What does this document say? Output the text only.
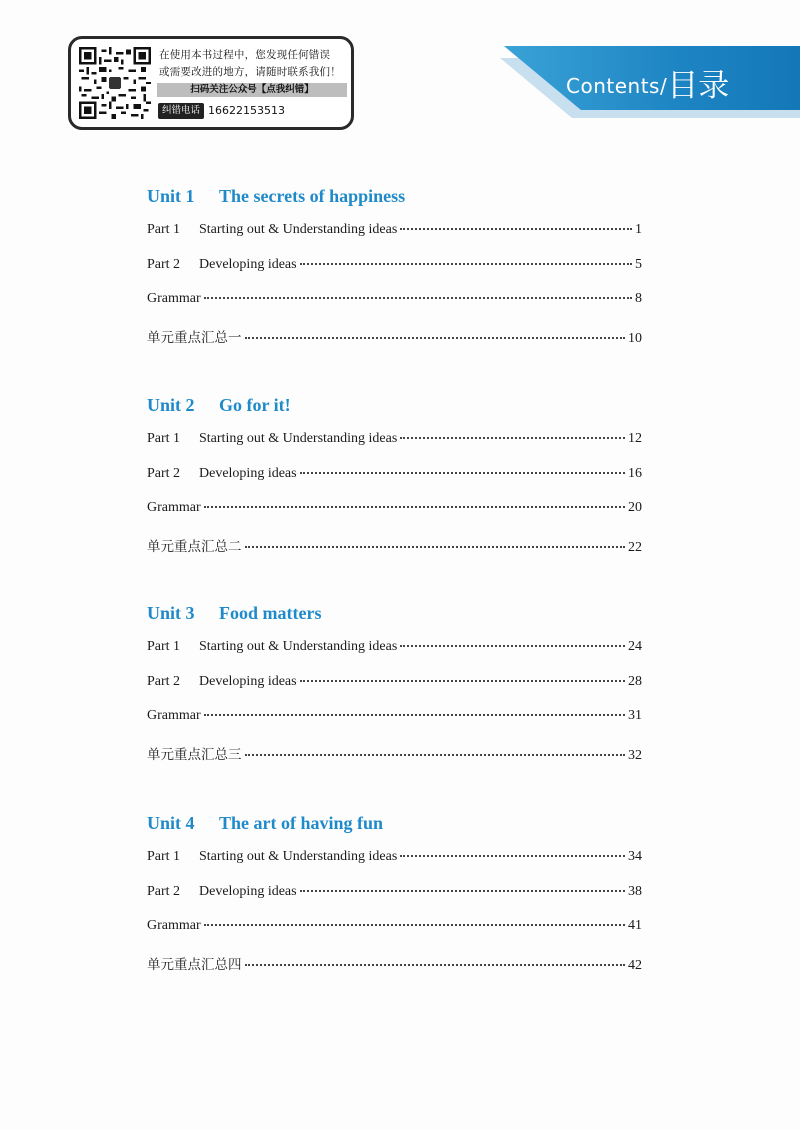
在使用本书过程中，您发现任何错误
或需要改进的地方，请随时联系我们！
扫码关注公众号【点我纠错】
纠错电话 16622153513
Contents/目录
Unit 1 The secrets of happiness
Part 1 Starting out & Understanding ideas	1
Part 2 Developing ideas	5
Grammar	8
单元重点汇总一	10
Unit 2 Go for it!
Part 1 Starting out & Understanding ideas	12
Part 2 Developing ideas	16
Grammar	20
单元重点汇总二	22
Unit 3 Food matters
Part 1 Starting out & Understanding ideas	24
Part 2 Developing ideas	28
Grammar	31
单元重点汇总三	32
Unit 4 The art of having fun
Part 1 Starting out & Understanding ideas	34
Part 2 Developing ideas	38
Grammar	41
单元重点汇总四	42
